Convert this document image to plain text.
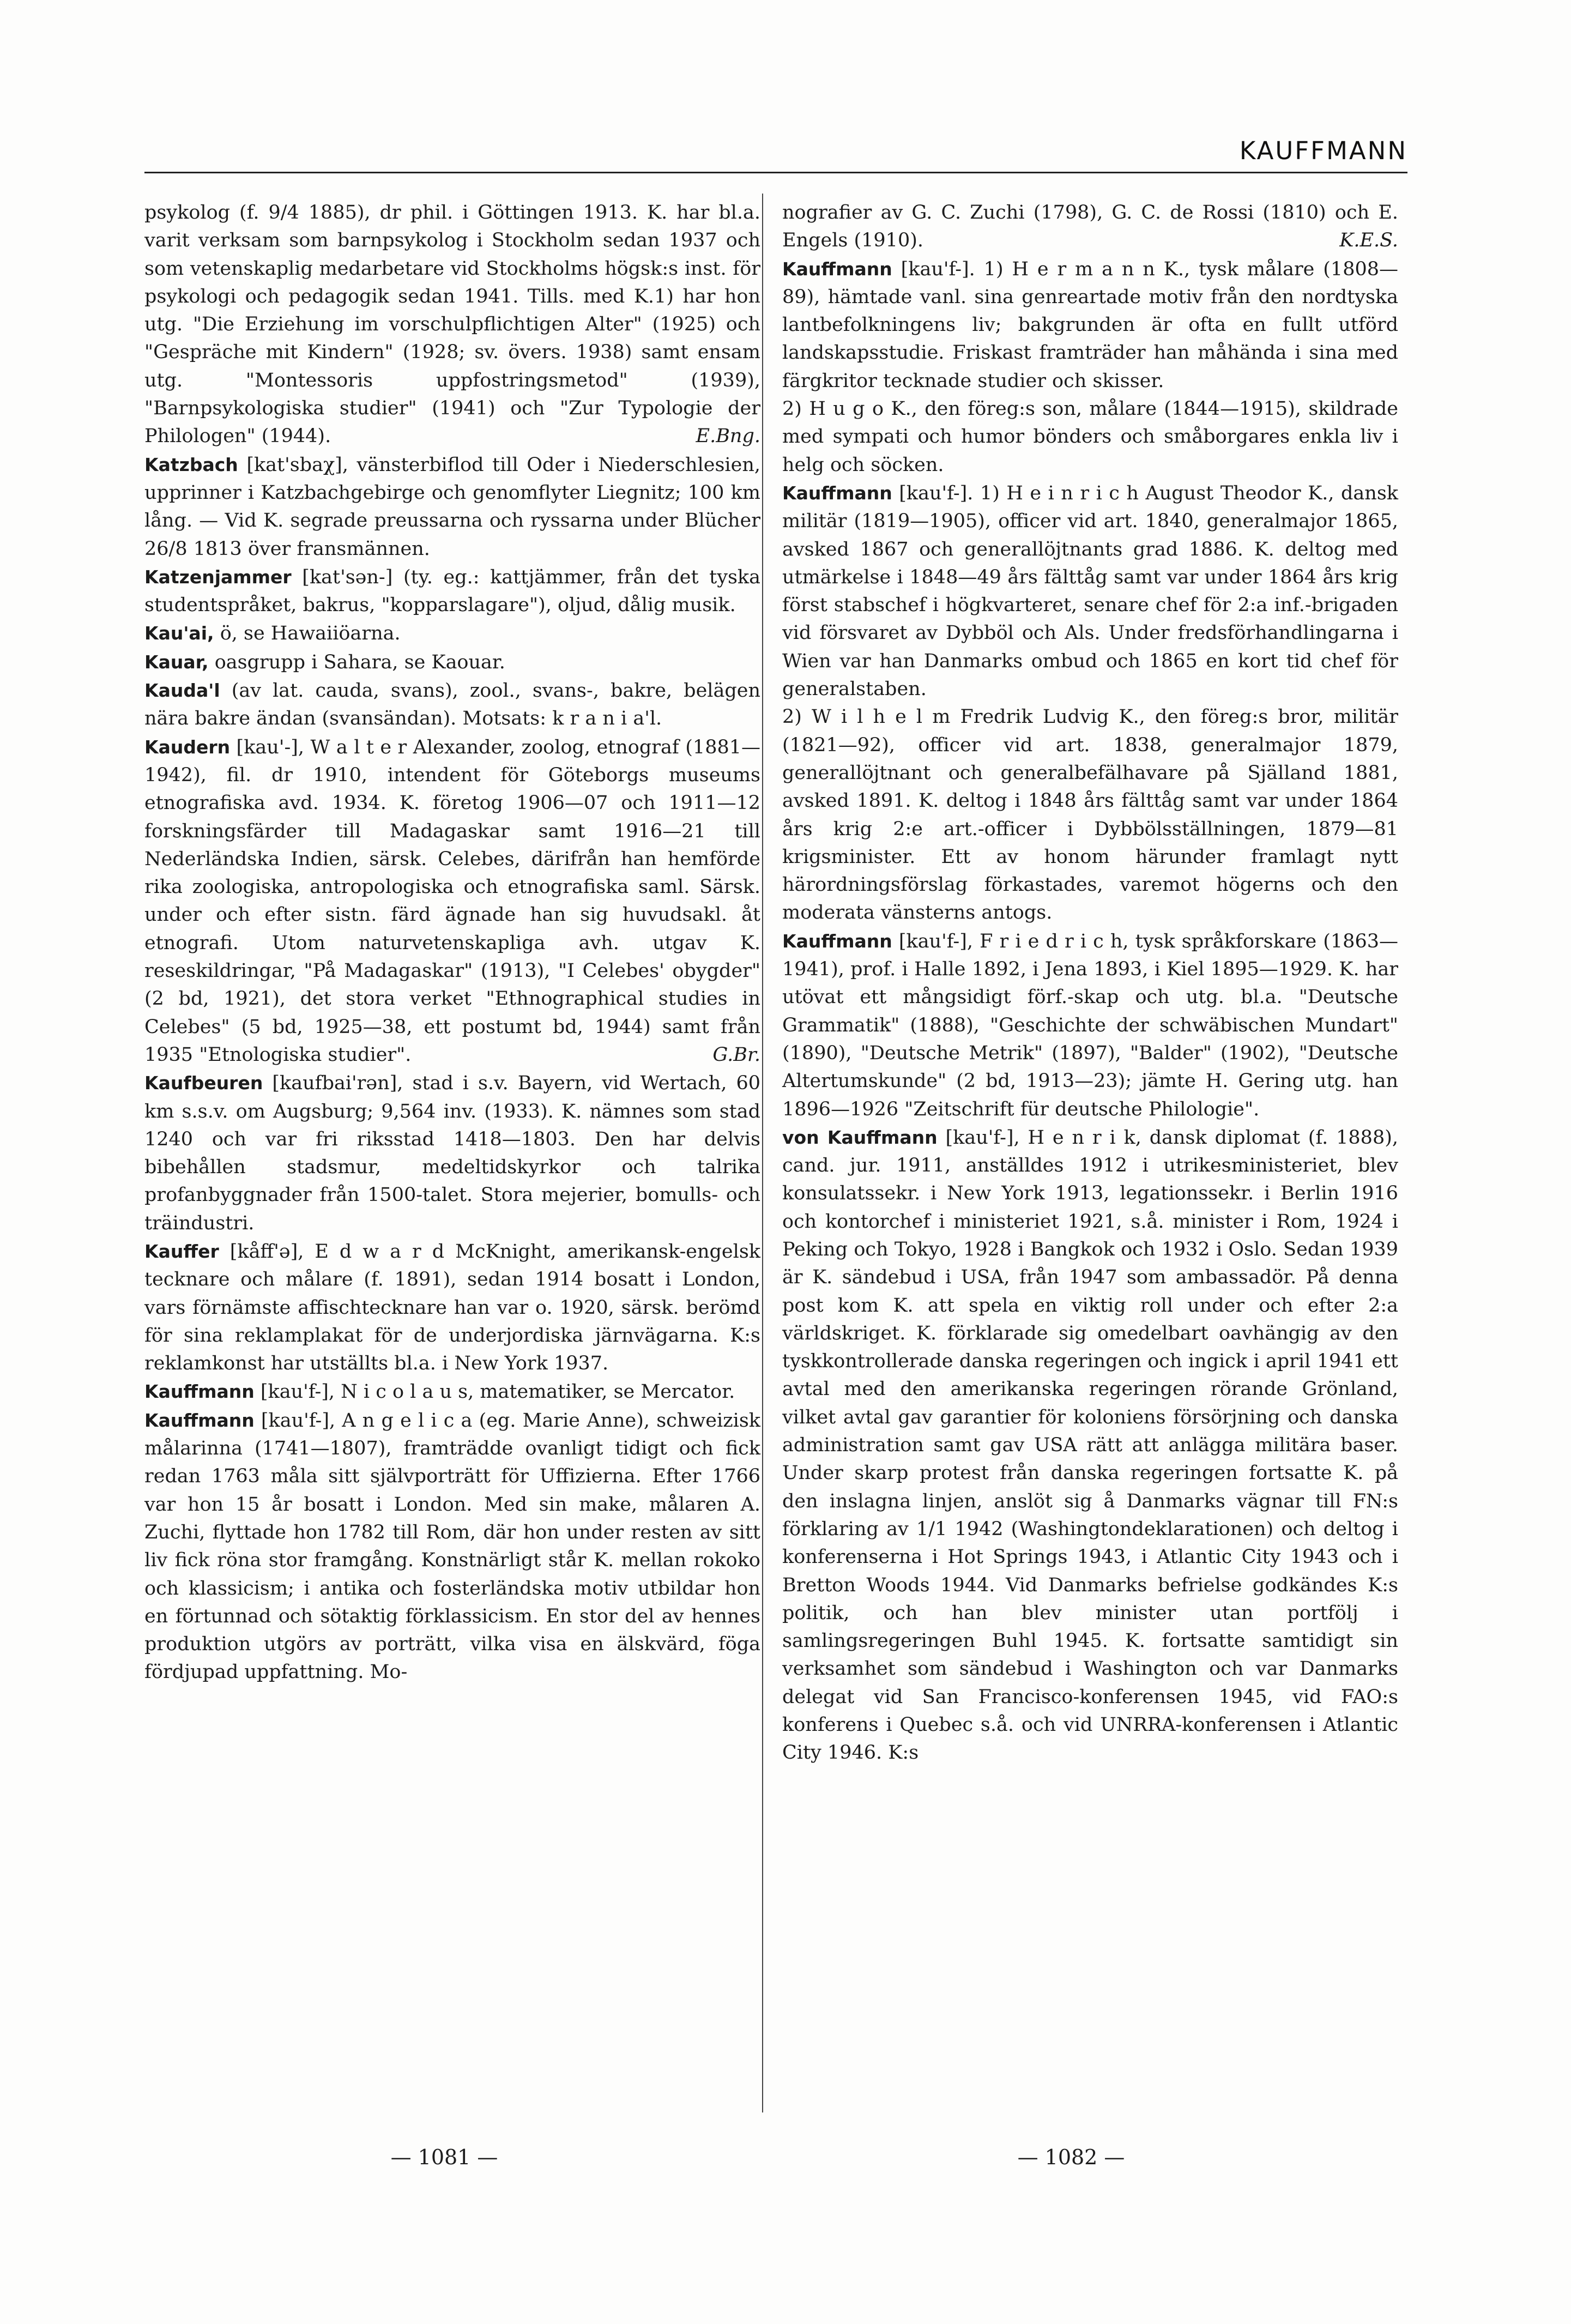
KAUFFMANN

psykolog (f. 9/4 1885), dr phil. i Göttingen 1913. K. har bl.a. varit verksam som barnpsykolog i Stockholm sedan 1937 och som vetenskaplig medarbetare vid Stockholms högsk:s inst. för psykologi och pedagogik sedan 1941. Tills. med K.1) har hon utg. "Die Erziehung im vorschulpflichtigen Alter" (1925) och "Gespräche mit Kindern" (1928; sv. övers. 1938) samt ensam utg. "Montessoris uppfostringsmetod" (1939), "Barnpsykologiska studier" (1941) och "Zur Typologie der Philologen" (1944).	E.Bng.

Katzbach [kat'sbaχ], vänsterbiflod till Oder i Niederschlesien, upprinner i Katzbachgebirge och genomflyter Liegnitz; 100 km lång. — Vid K. segrade preussarna och ryssarna under Blücher 26/8 1813 över fransmännen.

Katzenjammer [kat'sən-] (ty. eg.: kattjämmer, från det tyska studentspråket, bakrus, "kopparslagare"), oljud, dålig musik.

Kau'ai, ö, se Hawaiiöarna.

Kauar, oasgrupp i Sahara, se Kaouar.

Kauda'l (av lat. cauda, svans), zool., svans-, bakre, belägen nära bakre ändan (svansändan). Motsats: k r a n i a'l.

Kaudern [kau'-], W a l t e r Alexander, zoolog, etnograf (1881—1942), fil. dr 1910, intendent för Göteborgs museums etnografiska avd. 1934. K. företog 1906—07 och 1911—12 forskningsfärder till Madagaskar samt 1916—21 till Nederländska Indien, särsk. Celebes, därifrån han hemförde rika zoologiska, antropologiska och etnografiska saml. Särsk. under och efter sistn. färd ägnade han sig huvudsakl. åt etnografi. Utom naturvetenskapliga avh. utgav K. reseskildringar, "På Madagaskar" (1913), "I Celebes' obygder" (2 bd, 1921), det stora verket "Ethnographical studies in Celebes" (5 bd, 1925—38, ett postumt bd, 1944) samt från 1935 "Etnologiska studier".	G.Br.

Kaufbeuren [kaufbai'rən], stad i s.v. Bayern, vid Wertach, 60 km s.s.v. om Augsburg; 9,564 inv. (1933). K. nämnes som stad 1240 och var fri riksstad 1418—1803. Den har delvis bibehållen stadsmur, medeltidskyrkor och talrika profanbyggnader från 1500-talet. Stora mejerier, bomulls- och träindustri.

Kauffer [kåff'ə], E d w a r d McKnight, amerikansk-engelsk tecknare och målare (f. 1891), sedan 1914 bosatt i London, vars förnämste affischtecknare han var o. 1920, särsk. berömd för sina reklamplakat för de underjordiska järnvägarna. K:s reklamkonst har utställts bl.a. i New York 1937.

Kauffmann [kau'f-], N i c o l a u s, matematiker, se Mercator.

Kauffmann [kau'f-], A n g e l i c a (eg. Marie Anne), schweizisk målarinna (1741—1807), framträdde ovanligt tidigt och fick redan 1763 måla sitt självporträtt för Uffizierna. Efter 1766 var hon 15 år bosatt i London. Med sin make, målaren A. Zuchi, flyttade hon 1782 till Rom, där hon under resten av sitt liv fick röna stor framgång. Konstnärligt står K. mellan rokoko och klassicism; i antika och fosterländska motiv utbildar hon en förtunnad och sötaktig förklassicism. En stor del av hennes produktion utgörs av porträtt, vilka visa en älskvärd, föga fördjupad uppfattning. Mo-

nografier av G. C. Zuchi (1798), G. C. de Rossi (1810) och E. Engels (1910).	K.E.S.

Kauffmann [kau'f-]. 1) H e r m a n n K., tysk målare (1808—89), hämtade vanl. sina genreartade motiv från den nordtyska lantbefolkningens liv; bakgrunden är ofta en fullt utförd landskapsstudie. Friskast framträder han måhända i sina med färgkritor tecknade studier och skisser.

2) H u g o K., den föreg:s son, målare (1844—1915), skildrade med sympati och humor bönders och småborgares enkla liv i helg och söcken.

Kauffmann [kau'f-]. 1) H e i n r i c h August Theodor K., dansk militär (1819—1905), officer vid art. 1840, generalmajor 1865, avsked 1867 och generallöjtnants grad 1886. K. deltog med utmärkelse i 1848—49 års fälttåg samt var under 1864 års krig först stabschef i högkvarteret, senare chef för 2:a inf.-brigaden vid försvaret av Dybböl och Als. Under fredsförhandlingarna i Wien var han Danmarks ombud och 1865 en kort tid chef för generalstaben.

2) W i l h e l m Fredrik Ludvig K., den föreg:s bror, militär (1821—92), officer vid art. 1838, generalmajor 1879, generallöjtnant och generalbefälhavare på Själland 1881, avsked 1891. K. deltog i 1848 års fälttåg samt var under 1864 års krig 2:e art.-officer i Dybbölsställningen, 1879—81 krigsminister. Ett av honom härunder framlagt nytt härordningsförslag förkastades, varemot högerns och den moderata vänsterns antogs.

Kauffmann [kau'f-], F r i e d r i c h, tysk språkforskare (1863—1941), prof. i Halle 1892, i Jena 1893, i Kiel 1895—1929. K. har utövat ett mångsidigt förf.-skap och utg. bl.a. "Deutsche Grammatik" (1888), "Geschichte der schwäbischen Mundart" (1890), "Deutsche Metrik" (1897), "Balder" (1902), "Deutsche Altertumskunde" (2 bd, 1913—23); jämte H. Gering utg. han 1896—1926 "Zeitschrift für deutsche Philologie".

von Kauffmann [kau'f-], H e n r i k, dansk diplomat (f. 1888), cand. jur. 1911, anställdes 1912 i utrikesministeriet, blev konsulatssekr. i New York 1913, legationssekr. i Berlin 1916 och kontorchef i ministeriet 1921, s.å. minister i Rom, 1924 i Peking och Tokyo, 1928 i Bangkok och 1932 i Oslo. Sedan 1939 är K. sändebud i USA, från 1947 som ambassadör. På denna post kom K. att spela en viktig roll under och efter 2:a världskriget. K. förklarade sig omedelbart oavhängig av den tyskkontrollerade danska regeringen och ingick i april 1941 ett avtal med den amerikanska regeringen rörande Grönland, vilket avtal gav garantier för koloniens försörjning och danska administration samt gav USA rätt att anlägga militära baser. Under skarp protest från danska regeringen fortsatte K. på den inslagna linjen, anslöt sig å Danmarks vägnar till FN:s förklaring av 1/1 1942 (Washingtondeklarationen) och deltog i konferenserna i Hot Springs 1943, i Atlantic City 1943 och i Bretton Woods 1944. Vid Danmarks befrielse godkändes K:s politik, och han blev minister utan portfölj i samlingsregeringen Buhl 1945. K. fortsatte samtidigt sin verksamhet som sändebud i Washington och var Danmarks delegat vid San Francisco-konferensen 1945, vid FAO:s konferens i Quebec s.å. och vid UNRRA-konferensen i Atlantic City 1946. K:s

— 1081 —	— 1082 —
